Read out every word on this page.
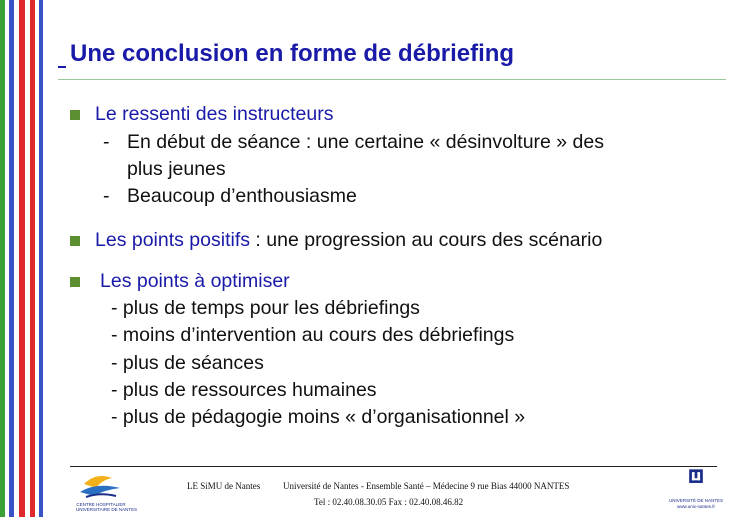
Une conclusion en forme de débriefing

Le ressenti des instructeurs

- En début de séance : une certaine « désinvolture » des

plus jeunes

- Beaucoup d’enthousiasme

Les points positifs : une progression au cours des scénario

Les points à optimiser

- plus de temps pour les débriefings

- moins d’intervention au cours des débriefings

- plus de séances

- plus de ressources humaines

- plus de pédagogie moins « d’organisationnel »

CENTRE HOSPITALIER

UNIVERSITAIRE DE NANTES

LE SiMU de Nantes	Université de Nantes - Ensemble Santé – Médecine 9 rue Bias 44000 NANTES

Tel : 02.40.08.30.05 Fax : 02.40.08.46.82	UNIVERSITÉ DE NANTES

www.univ-nantes.fr
